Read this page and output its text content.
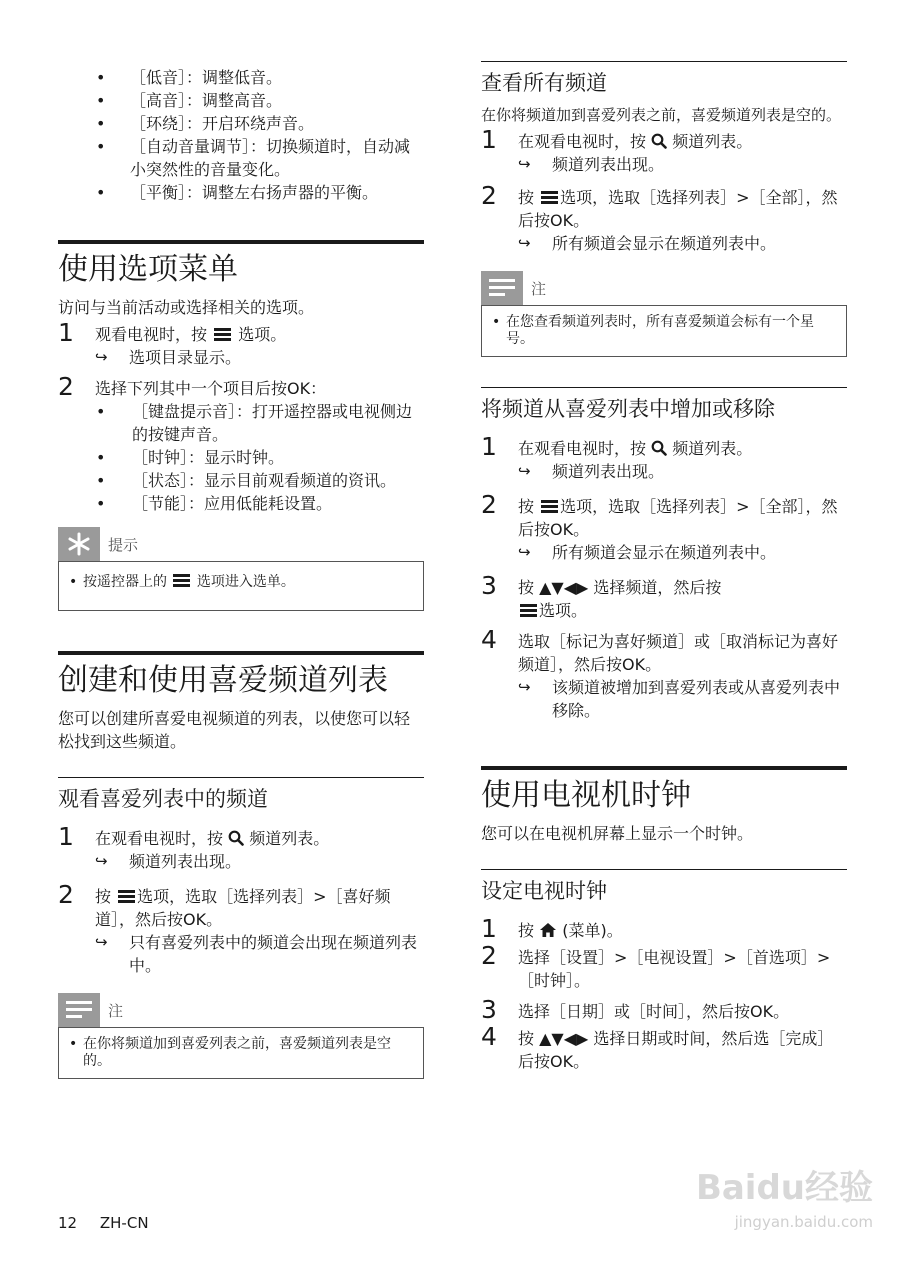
• ［低音］：调整低音。
• ［高音］：调整高音。
• ［环绕］：开启环绕声音。
• ［自动音量调节］：切换频道时，自动减小突然性的音量变化。
• ［平衡］：调整左右扬声器的平衡。
使用选项菜单
访问与当前活动或选择相关的选项。
1 观看电视时，按 选项。
↪ 选项目录显示。
2 选择下列其中一个项目后按OK：
• ［键盘提示音］：打开遥控器或电视侧边的按键声音。
• ［时钟］：显示时钟。
• ［状态］：显示目前观看频道的资讯。
• ［节能］：应用低能耗设置。
提示
• 按遥控器上的 选项进入选单。
创建和使用喜爱频道列表
您可以创建所喜爱电视频道的列表，以使您可以轻松找到这些频道。
观看喜爱列表中的频道
1 在观看电视时，按 频道列表。
↪ 频道列表出现。
2 按 选项，选取［选择列表］>［喜好频道］，然后按OK。
↪ 只有喜爱列表中的频道会出现在频道列表中。
注
• 在你将频道加到喜爱列表之前，喜爱频道列表是空的。
查看所有频道
在你将频道加到喜爱列表之前，喜爱频道列表是空的。
1 在观看电视时，按 频道列表。
↪ 频道列表出现。
2 按 选项，选取［选择列表］>［全部］，然后按OK。
↪ 所有频道会显示在频道列表中。
注
• 在您查看频道列表时，所有喜爱频道会标有一个星号。
将频道从喜爱列表中增加或移除
1 在观看电视时，按 频道列表。
↪ 频道列表出现。
2 按 选项，选取［选择列表］>［全部］，然后按OK。
↪ 所有频道会显示在频道列表中。
3 按 ▲▼◀▶ 选择频道，然后按

选项。
4 选取［标记为喜好频道］或［取消标记为喜好频道］，然后按OK。
↪ 该频道被增加到喜爱列表或从喜爱列表中移除。
使用电视机时钟
您可以在电视机屏幕上显示一个时钟。
设定电视时钟
1 按 (菜单)。
2 选择［设置］>［电视设置］>［首选项］>［时钟］。
3 选择［日期］或［时间］，然后按OK。
4 按 ▲▼◀▶ 选择日期或时间，然后选［完成］后按OK。
12 ZH-CN
Baidu经验
jingyan.baidu.com
